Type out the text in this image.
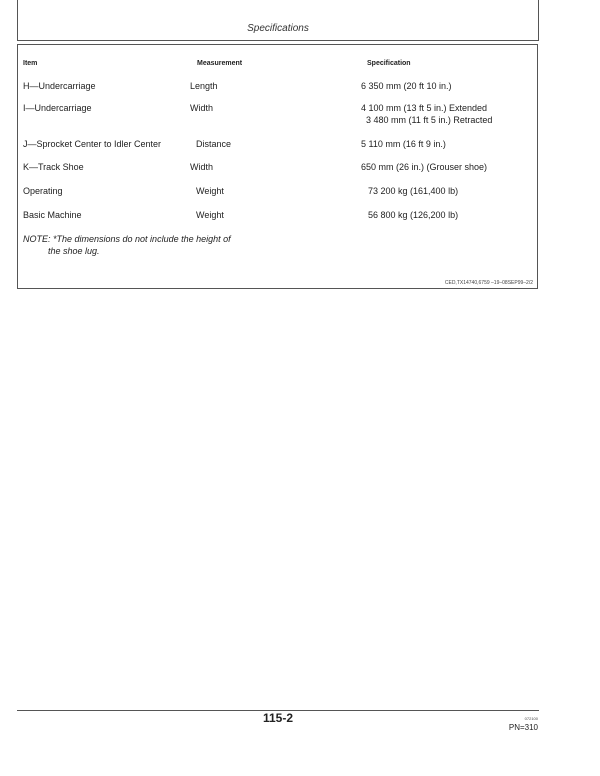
Specifications
Item	Measurement	Specification
H—Undercarriage	Length	6 350 mm (20 ft 10 in.)
I—Undercarriage	Width	4 100 mm (13 ft 5 in.) Extended
3 480 mm (11 ft 5 in.) Retracted
J—Sprocket Center to Idler Center	Distance	5 110 mm (16 ft 9 in.)
K—Track Shoe	Width	650 mm (26 in.) (Grouser shoe)
Operating	Weight	73 200 kg (161,400 lb)
Basic Machine	Weight	56 800 kg (126,200 lb)
NOTE: *The dimensions do not include the height of
the shoe lug.
CED,TX14740,6759 –19–08SEP99–2/2
115-2	072100
PN=310
